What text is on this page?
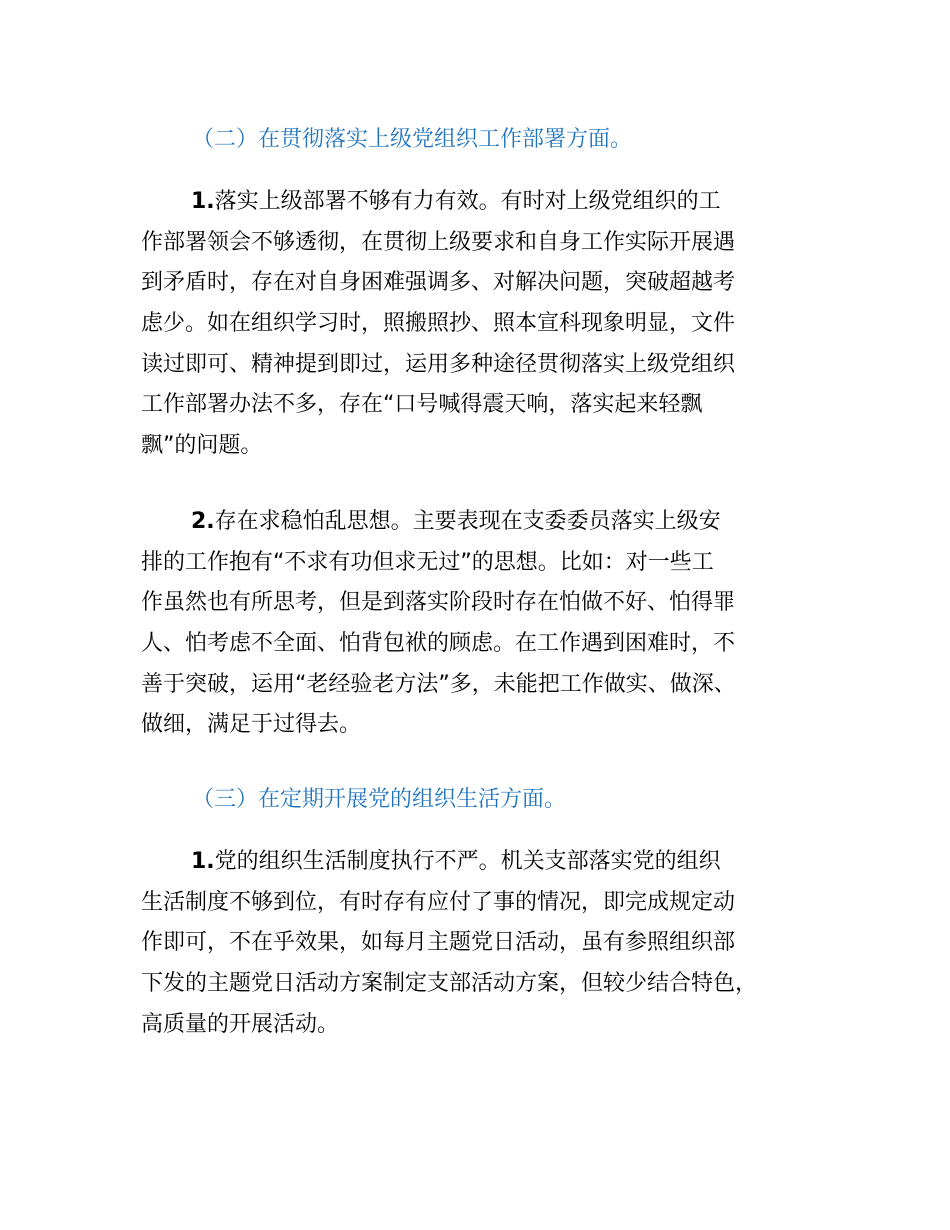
（二）在贯彻落实上级党组织工作部署方面。
1.落实上级部署不够有力有效。有时对上级党组织的工
作部署领会不够透彻，在贯彻上级要求和自身工作实际开展遇
到矛盾时，存在对自身困难强调多、对解决问题，突破超越考
虑少。如在组织学习时，照搬照抄、照本宣科现象明显，文件
读过即可、精神提到即过，运用多种途径贯彻落实上级党组织
工作部署办法不多，存在“口号喊得震天响，落实起来轻飘
飘”的问题。
2.存在求稳怕乱思想。主要表现在支委委员落实上级安
排的工作抱有“不求有功但求无过”的思想。比如：对一些工
作虽然也有所思考，但是到落实阶段时存在怕做不好、怕得罪
人、怕考虑不全面、怕背包袱的顾虑。在工作遇到困难时，不
善于突破，运用“老经验老方法”多，未能把工作做实、做深、
做细，满足于过得去。
（三）在定期开展党的组织生活方面。
1.党的组织生活制度执行不严。机关支部落实党的组织
生活制度不够到位，有时存有应付了事的情况，即完成规定动
作即可，不在乎效果，如每月主题党日活动，虽有参照组织部
下发的主题党日活动方案制定支部活动方案，但较少结合特色，
高质量的开展活动。
